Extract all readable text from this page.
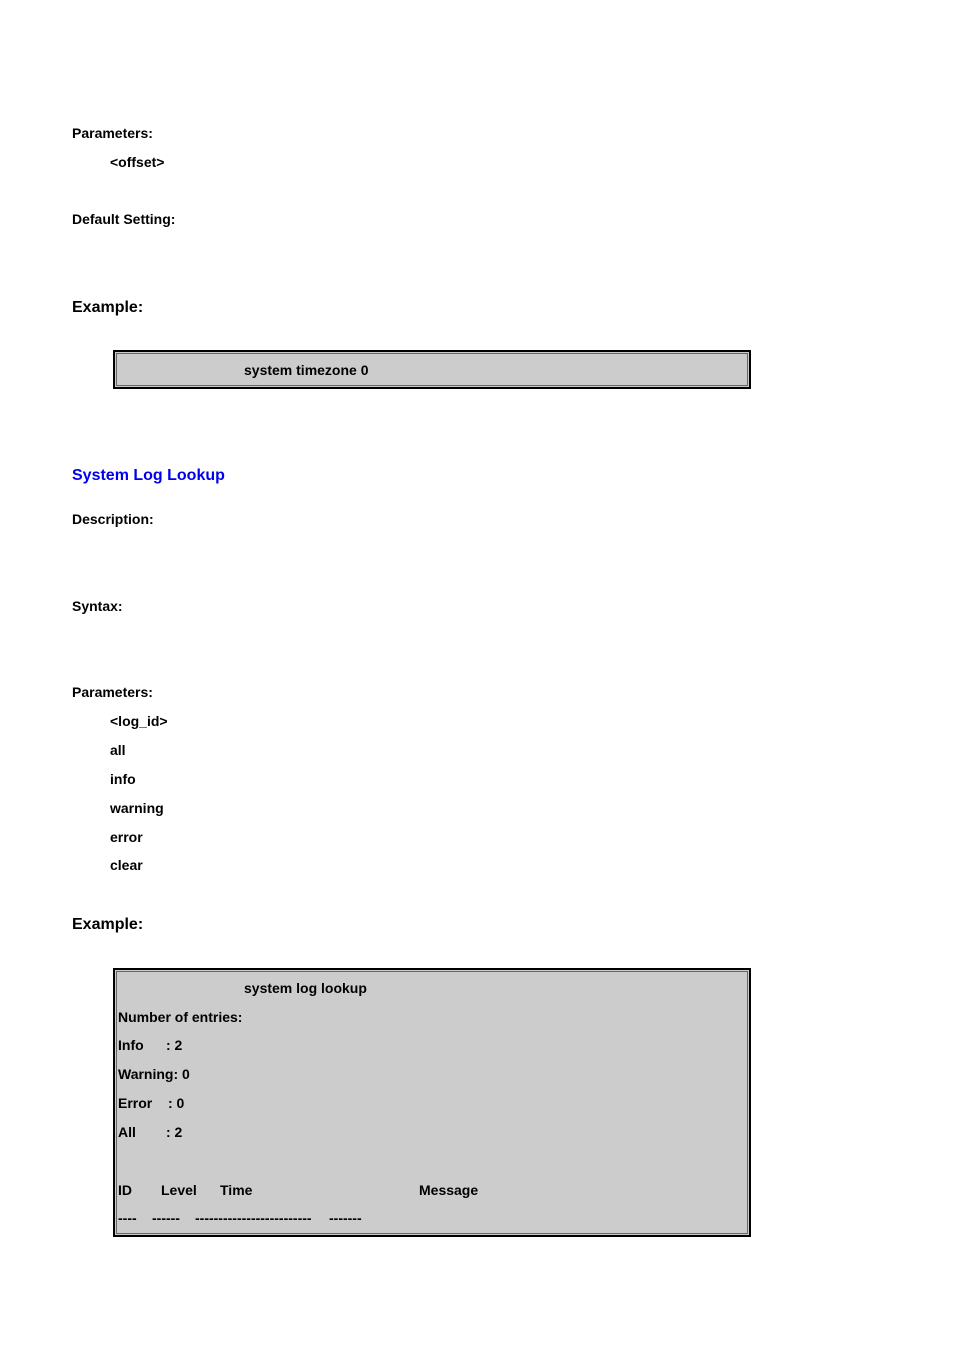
Parameters:
<offset>
Default Setting:
Example:
system timezone 0
System Log Lookup
Description:
Syntax:
Parameters:
<log_id>
all
info
warning
error
clear
Example:
system log lookup
Number of entries:
Info : 2
Warning: 0
Error : 0
All : 2
ID Level Time	Message
---- ------ ------------------------- -------
